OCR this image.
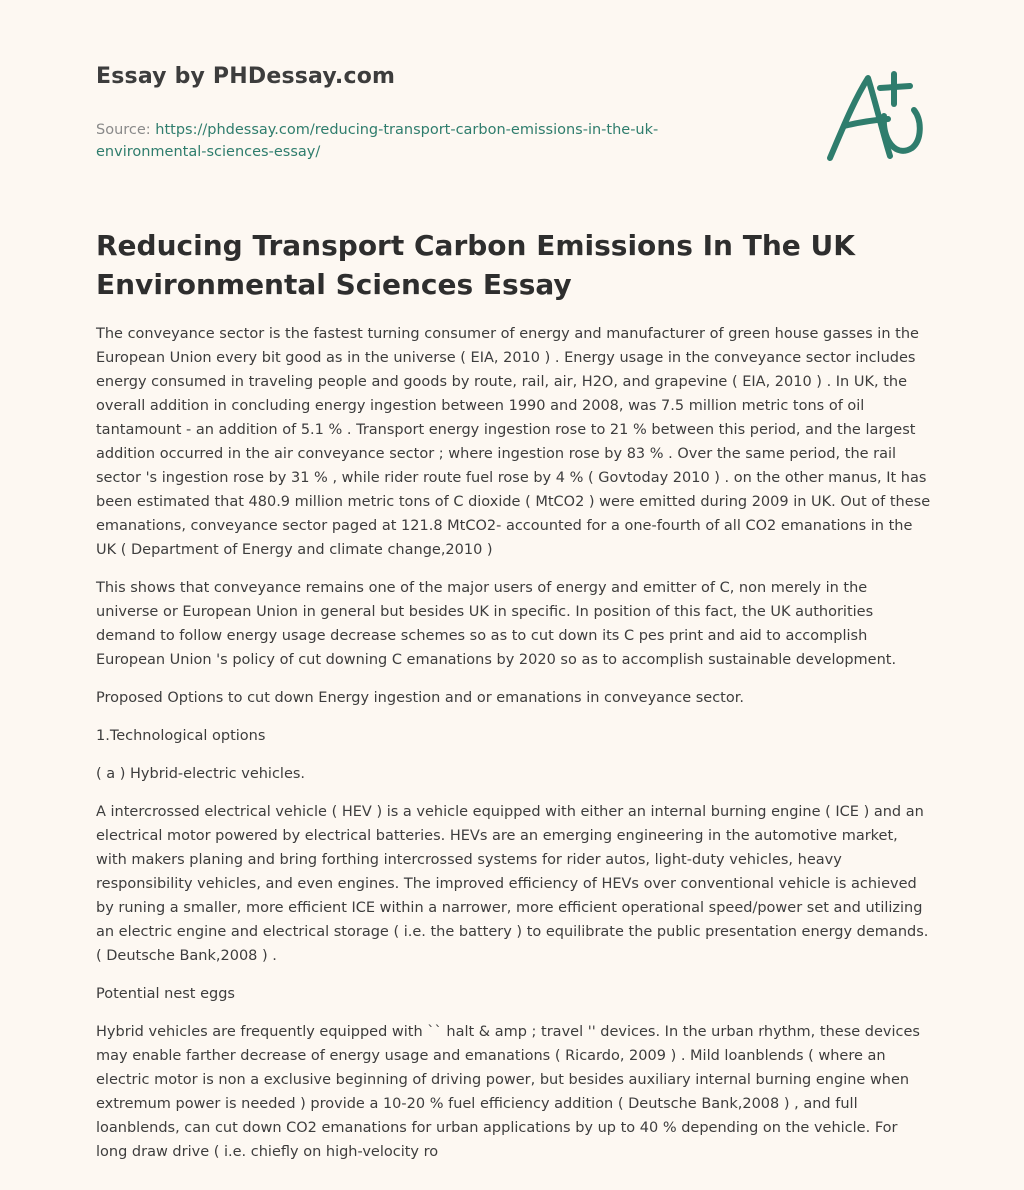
Essay by PHDessay.com

Source: https://phdessay.com/reducing-transport-carbon-emissions-in-the-uk-
environmental-sciences-essay/
Reducing Transport Carbon Emissions In The UK
Environmental Sciences Essay

The conveyance sector is the fastest turning consumer of energy and manufacturer of green house gasses in the European Union every bit good as in the universe ( EIA, 2010 ) . Energy usage in the conveyance sector includes energy consumed in traveling people and goods by route, rail, air, H2O, and grapevine ( EIA, 2010 ) . In UK, the overall addition in concluding energy ingestion between 1990 and 2008, was 7.5 million metric tons of oil tantamount - an addition of 5.1 % . Transport energy ingestion rose to 21 % between this period, and the largest addition occurred in the air conveyance sector ; where ingestion rose by 83 % . Over the same period, the rail sector 's ingestion rose by 31 % , while rider route fuel rose by 4 % ( Govtoday 2010 ) . on the other manus, It has been estimated that 480.9 million metric tons of C dioxide ( MtCO2 ) were emitted during 2009 in UK. Out of these emanations, conveyance sector paged at 121.8 MtCO2- accounted for a one-fourth of all CO2 emanations in the UK ( Department of Energy and climate change,2010 )

This shows that conveyance remains one of the major users of energy and emitter of C, non merely in the universe or European Union in general but besides UK in specific. In position of this fact, the UK authorities demand to follow energy usage decrease schemes so as to cut down its C pes print and aid to accomplish European Union 's policy of cut downing C emanations by 2020 so as to accomplish sustainable development.

Proposed Options to cut down Energy ingestion and or emanations in conveyance sector.

1.Technological options

( a ) Hybrid-electric vehicles.

A intercrossed electrical vehicle ( HEV ) is a vehicle equipped with either an internal burning engine ( ICE ) and an electrical motor powered by electrical batteries. HEVs are an emerging engineering in the automotive market, with makers planing and bring forthing intercrossed systems for rider autos, light-duty vehicles, heavy responsibility vehicles, and even engines. The improved efficiency of HEVs over conventional vehicle is achieved by runing a smaller, more efficient ICE within a narrower, more efficient operational speed/power set and utilizing an electric engine and electrical storage ( i.e. the battery ) to equilibrate the public presentation energy demands. ( Deutsche Bank,2008 ) .

Potential nest eggs

Hybrid vehicles are frequently equipped with `` halt & amp ; travel '' devices. In the urban rhythm, these devices may enable farther decrease of energy usage and emanations ( Ricardo, 2009 ) . Mild loanblends ( where an electric motor is non a exclusive beginning of driving power, but besides auxiliary internal burning engine when extremum power is needed ) provide a 10-20 % fuel efficiency addition ( Deutsche Bank,2008 ) , and full loanblends, can cut down CO2 emanations for urban applications by up to 40 % depending on the vehicle. For long draw drive ( i.e. chiefly on high-velocity ro
